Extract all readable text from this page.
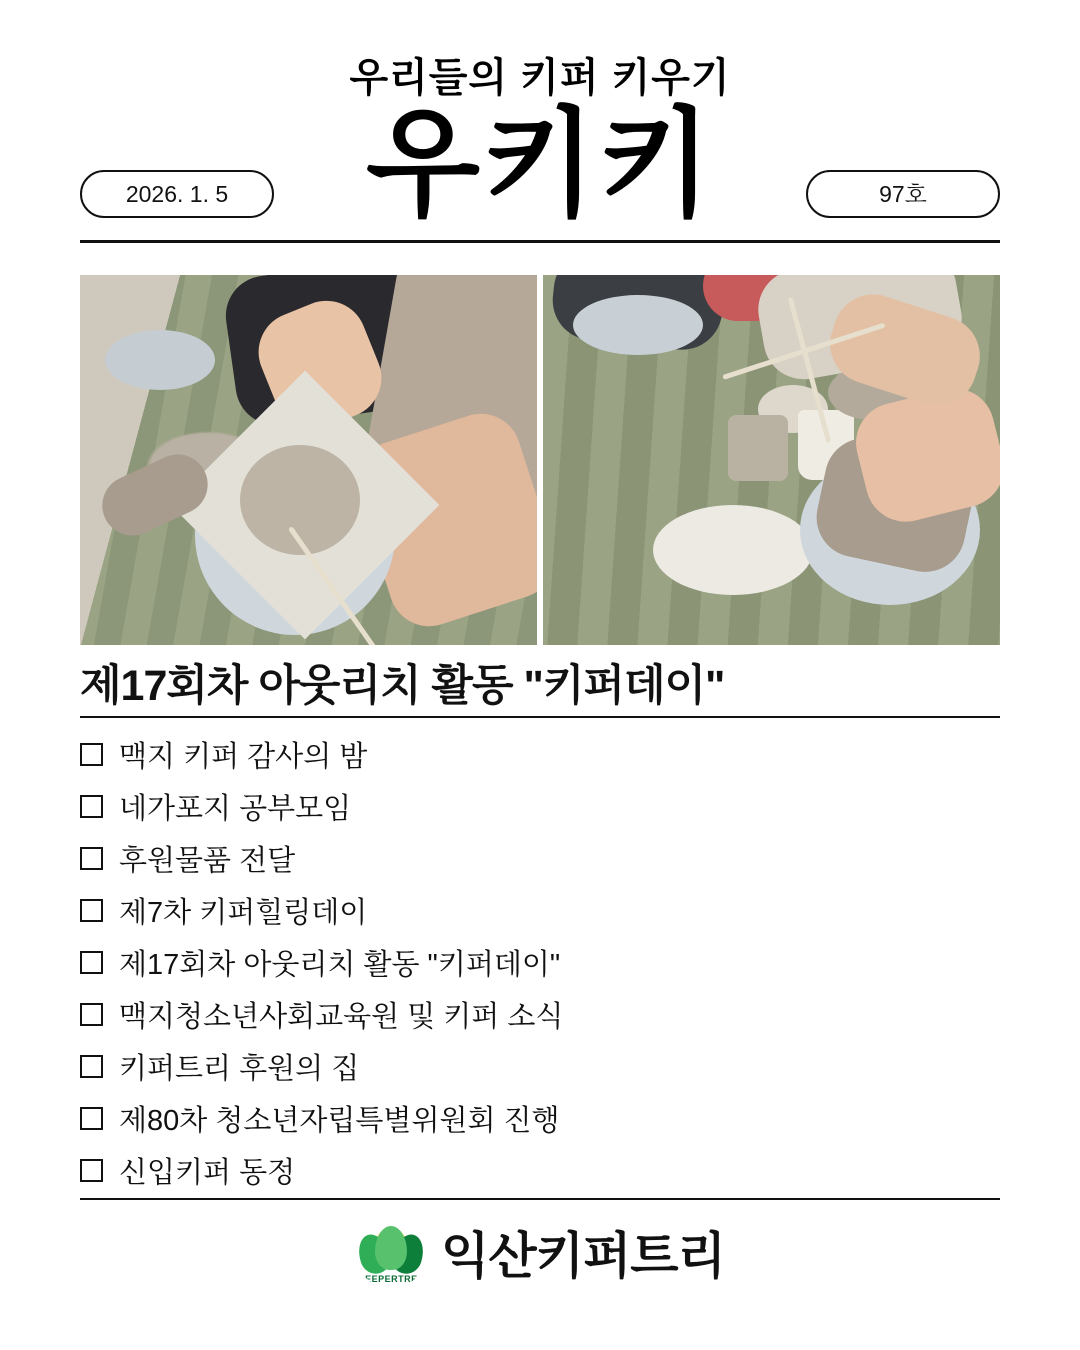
우리들의 키퍼 키우기

우키키
2026. 1. 5	97호
제17회차 아웃리치 활동 "키퍼데이"
맥지 키퍼 감사의 밤
네가포지 공부모임
후원물품 전달
제7차 키퍼힐링데이
제17회차 아웃리치 활동 "키퍼데이"
맥지청소년사회교육원 및 키퍼 소식
키퍼트리 후원의 집
제80차 청소년자립특별위원회 진행
신입키퍼 동정
KEEPERTREE 익산키퍼트리
